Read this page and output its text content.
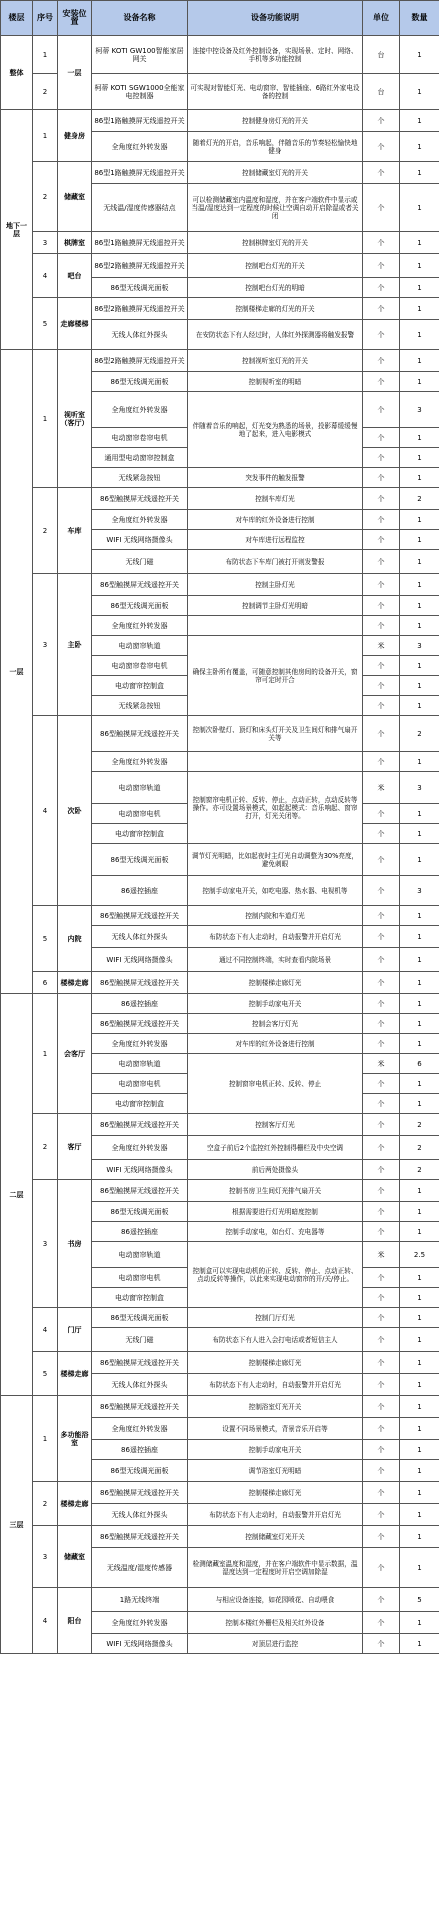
楼层	序号	安装位置	设备名称	设备功能说明	单位	数量
整体	1	一层	柯蒂 KOTI GW100智能家居网关	连接中控设备及红外控制设备，实现场景、定时、网络、手机等多功能控制	台	1
	2		柯蒂 KOTI SGW1000全能家电控制器	可实现对智能灯光、电动窗帘、智能插座、6路红外家电设备的控制	台	1
地下一层	1	健身房	86型1路触摸屏无线遥控开关	控制健身房灯光的开关	个	1
			全角度红外转发器	随着灯光的开启，音乐响起，伴随音乐的节奏轻松愉快地健身	个	1
	2	储藏室	86型1路触摸屏无线遥控开关	控制储藏室灯光的开关	个	1
			无线温/湿度传感器结点	可以检测储藏室内温度和湿度，并在客户端软件中显示或当温/湿度达到一定程度的时候让空调自动开启除湿或者关闭	个	1
	3	棋牌室	86型1路触摸屏无线遥控开关	控制棋牌室灯光的开关	个	1
	4	吧台	86型2路触摸屏无线遥控开关	控制吧台灯光的开关	个	1
			86型无线调光面板	控制吧台灯光的明暗	个	1
	5	走廊楼梯	86型2路触摸屏无线遥控开关	控制楼梯走廊的灯光的开关	个	1
			无线人体红外探头	在安防状态下有人经过时，人体红外探测器将触发报警	个	1
一层	1	视听室（客厅）	86型2路触摸屏无线遥控开关	控制视听室灯光的开关	个	1
			86型无线调光面板	控制视听室的明暗	个	1
			全角度红外转发器	伴随着音乐的响起，灯光变为熟悉的场景，投影幕缓缓慢地了起来，进入电影模式	个	3
			电动窗帘卷帘电机		个	1
			通用型电动窗帘控制盒		个	1
			无线紧急按钮	突发事件的触发报警	个	1
	2	车库	86型触摸屏无线遥控开关	控制车库灯光	个	2
			全角度红外转发器	对车库的红外设备进行控制	个	1
			WIFI 无线网络摄像头	对车库进行远程监控	个	1
			无线门磁	布防状态下车库门被打开则发警报	个	1
	3	主卧	86型触摸屏无线遥控开关	控制主卧灯光	个	1
			86型无线调光面板	控制调节主卧灯光明暗	个	1
			全角度红外转发器		个	1
			电动窗帘轨道	确保主卧所有覆盖，可随意控制其他房间的设备开关，窗帘可定时开合	米	3
			电动窗帘卷帘电机		个	1
			电动窗帘控制盒		个	1
			无线紧急按钮		个	1
	4	次卧	86型触摸屏无线遥控开关	控制次卧壁灯、顶灯和床头灯开关及卫生间灯和排气扇开关等	个	2
			全角度红外转发器		个	1
			电动窗帘轨道	控制窗帘电机正转、反转、停止，点动正转，点动反转等操作。亦可设置场景模式，如起起模式：音乐响起、窗帘打开，灯光关闭等。	米	3
			电动窗帘电机		个	1
			电动窗帘控制盒		个	1
			86型无线调光面板	调节灯光明暗，比如起夜时主灯光自动调整为30%亮度，避免刺眼	个	1
			86遥控插座	控制手动家电开关，如吃电器、热水器、电视机等	个	3
	5	内院	86型触摸屏无线遥控开关	控制内院和车道灯光	个	1
			无线人体红外探头	布防状态下有人走动时，自动报警并开启灯光	个	1
			WIFI 无线网络摄像头	通过不同控制终端，实时查看内院场景	个	1
	6	楼梯走廊	86型触摸屏无线遥控开关	控制楼梯走廊灯光	个	1
二层	1	会客厅	86遥控插座	控制手动家电开关	个	1
			86型触摸屏无线遥控开关	控制会客厅灯光	个	1
			全角度红外转发器	对车库的红外设备进行控制	个	1
			电动窗帘轨道	控制窗帘电机正转、反转、停止	米	6
			电动窗帘电机		个	1
			电动窗帘控制盒		个	1
	2	客厅	86型触摸屏无线遥控开关	控制客厅灯光	个	2
			全角度红外转发器	空盒子前后2个监控红外控制得栅栏及中央空调	个	2
			WIFI 无线网络摄像头	前后两处摄像头	个	2
	3	书房	86型触摸屏无线遥控开关	控制书房卫生间灯光排气扇开关	个	1
			86型无线调光面板	根据需要进行灯光明暗度控制	个	1
			86遥控插座	控制手动家电，如台灯、充电器等	个	1
			电动窗帘轨道	控制盒可以实现电动机的正转、反转、停止、点动正转、点动反转等操作，以此来实现电动窗帘的开/关/停止。	米	2.5
			电动窗帘电机		个	1
			电动窗帘控制盒		个	1
	4	门厅	86型无线调光面板	控制门厅灯光	个	1
			无线门磁	布防状态下有人进入会打电话或者短信主人	个	1
	5	楼梯走廊	86型触摸屏无线遥控开关	控制楼梯走廊灯光	个	1
			无线人体红外探头	布防状态下有人走动时，自动报警并开启灯光	个	1
三层	1	多功能浴室	86型触摸屏无线遥控开关	控制浴室灯光开关	个	1
			全角度红外转发器	设置不同场景模式，背景音乐开启等	个	1
			86遥控插座	控制手动家电开关	个	1
			86型无线调光面板	调节浴室灯光明暗	个	1
	2	楼梯走廊	86型触摸屏无线遥控开关	控制楼梯走廊灯光	个	1
			无线人体红外探头	布防状态下有人走动时，自动报警并开启灯光	个	1
	3	储藏室	86型触摸屏无线遥控开关	控制储藏室灯光开关	个	1
			无线温度/湿度传感器	检测储藏室温度和湿度，并在客户端软件中显示数据，温湿度达到一定程度时开启空调加除湿	个	1
	4	阳台	1路无线终端	与相应设备连接，如花园喷花、自动喂食	个	5
			全角度红外转发器	控制本楼红外栅栏及相关红外设备	个	1
			WIFI 无线网络摄像头	对顶层进行监控	个	1
